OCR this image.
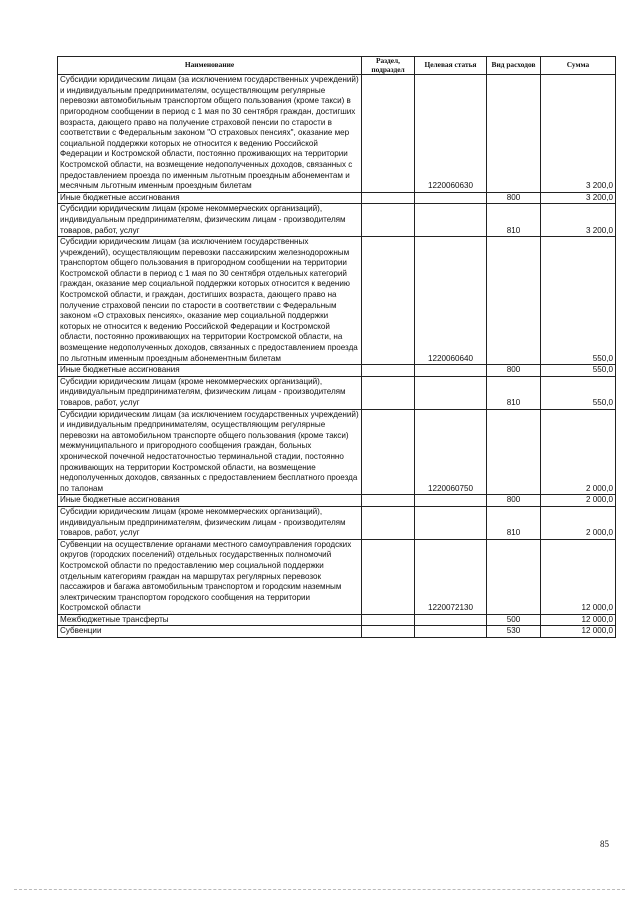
Наименование	Раздел, подраздел	Целевая статья	Вид расходов	Сумма
Субсидии юридическим лицам (за исключением государственных учреждений) и индивидуальным предпринимателям, осуществляющим регулярные перевозки автомобильным транспортом общего пользования (кроме такси) в пригородном сообщении в период с 1 мая по 30 сентября граждан, достигших возраста, дающего право на получение страховой пенсии по старости в соответствии с Федеральным законом "О страховых пенсиях", оказание мер социальной поддержки которых не относится к ведению Российской Федерации и Костромской области, постоянно проживающих на территории Костромской области, на возмещение недополученных доходов, связанных с предоставлением проезда по именным льготным проездным абонементам и месячным льготным именным проездным билетам		1220060630		3 200,0
Иные бюджетные ассигнования			800	3 200,0
Субсидии юридическим лицам (кроме некоммерческих организаций), индивидуальным предпринимателям, физическим лицам - производителям товаров, работ, услуг			810	3 200,0
Субсидии юридическим лицам (за исключением государственных учреждений), осуществляющим перевозки пассажирским железнодорожным транспортом общего пользования в пригородном сообщении на территории Костромской области в период с 1 мая по 30 сентября отдельных категорий граждан, оказание мер социальной поддержки которых относится к ведению Костромской области, и граждан, достигших возраста, дающего право на получение страховой пенсии по старости в соответствии с Федеральным законом «О страховых пенсиях», оказание мер социальной поддержки которых не относится к ведению Российской Федерации и Костромской области, постоянно проживающих на территории Костромской области, на возмещение недополученных доходов, связанных с предоставлением проезда по льготным именным проездным абонементным билетам		1220060640		550,0
Иные бюджетные ассигнования			800	550,0
Субсидии юридическим лицам (кроме некоммерческих организаций), индивидуальным предпринимателям, физическим лицам - производителям товаров, работ, услуг			810	550,0
Субсидии юридическим лицам (за исключением государственных учреждений) и индивидуальным предпринимателям, осуществляющим регулярные перевозки на автомобильном транспорте общего пользования (кроме такси) межмуниципального и пригородного сообщения граждан, больных хронической почечной недостаточностью терминальной стадии, постоянно проживающих на территории Костромской области, на возмещение недополученных доходов, связанных с предоставлением бесплатного проезда по талонам		1220060750		2 000,0
Иные бюджетные ассигнования			800	2 000,0
Субсидии юридическим лицам (кроме некоммерческих организаций), индивидуальным предпринимателям, физическим лицам - производителям товаров, работ, услуг			810	2 000,0
Субвенции на осуществление органами местного самоуправления городских округов (городских поселений) отдельных государственных полномочий Костромской области по предоставлению мер социальной поддержки отдельным категориям граждан на маршрутах регулярных перевозок пассажиров и багажа автомобильным транспортом и городским наземным электрическим транспортом городского сообщения на территории Костромской области		1220072130		12 000,0
Межбюджетные трансферты			500	12 000,0
Субвенции			530	12 000,0
85
